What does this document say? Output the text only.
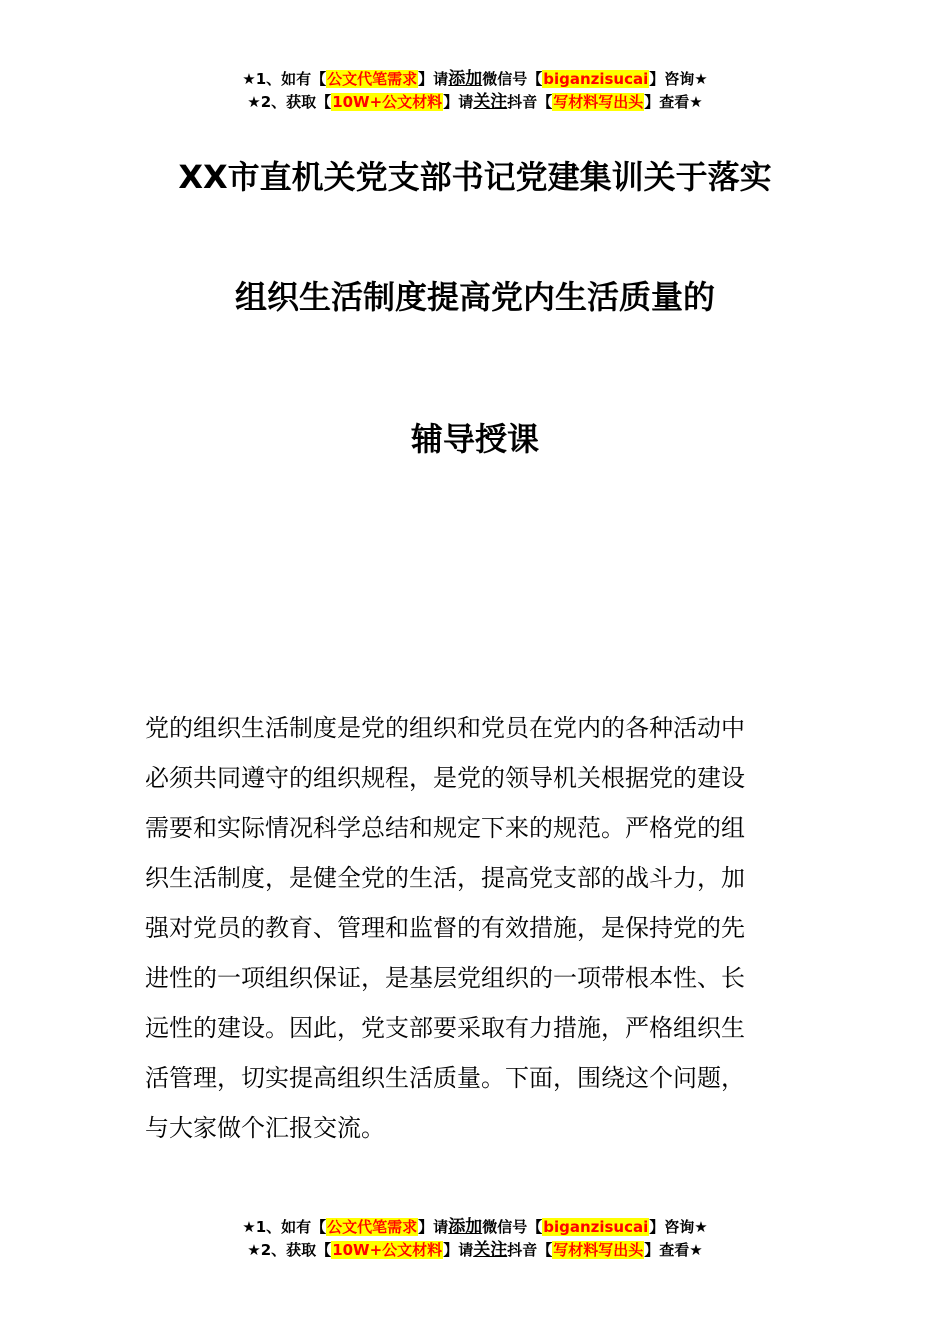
★1、如有【公文代笔需求】请添加微信号【biganzisucai】咨询★
★2、获取【10W+公文材料】请关注抖音【写材料写出头】查看★
XX市直机关党支部书记党建集训关于落实
组织生活制度提高党内生活质量的
辅导授课
党的组织生活制度是党的组织和党员在党内的各种活动中
必须共同遵守的组织规程，是党的领导机关根据党的建设
需要和实际情况科学总结和规定下来的规范。严格党的组
织生活制度，是健全党的生活，提高党支部的战斗力，加
强对党员的教育、管理和监督的有效措施，是保持党的先
进性的一项组织保证，是基层党组织的一项带根本性、长
远性的建设。因此，党支部要采取有力措施，严格组织生
活管理，切实提高组织生活质量。下面，围绕这个问题，
与大家做个汇报交流。
★1、如有【公文代笔需求】请添加微信号【biganzisucai】咨询★
★2、获取【10W+公文材料】请关注抖音【写材料写出头】查看★
